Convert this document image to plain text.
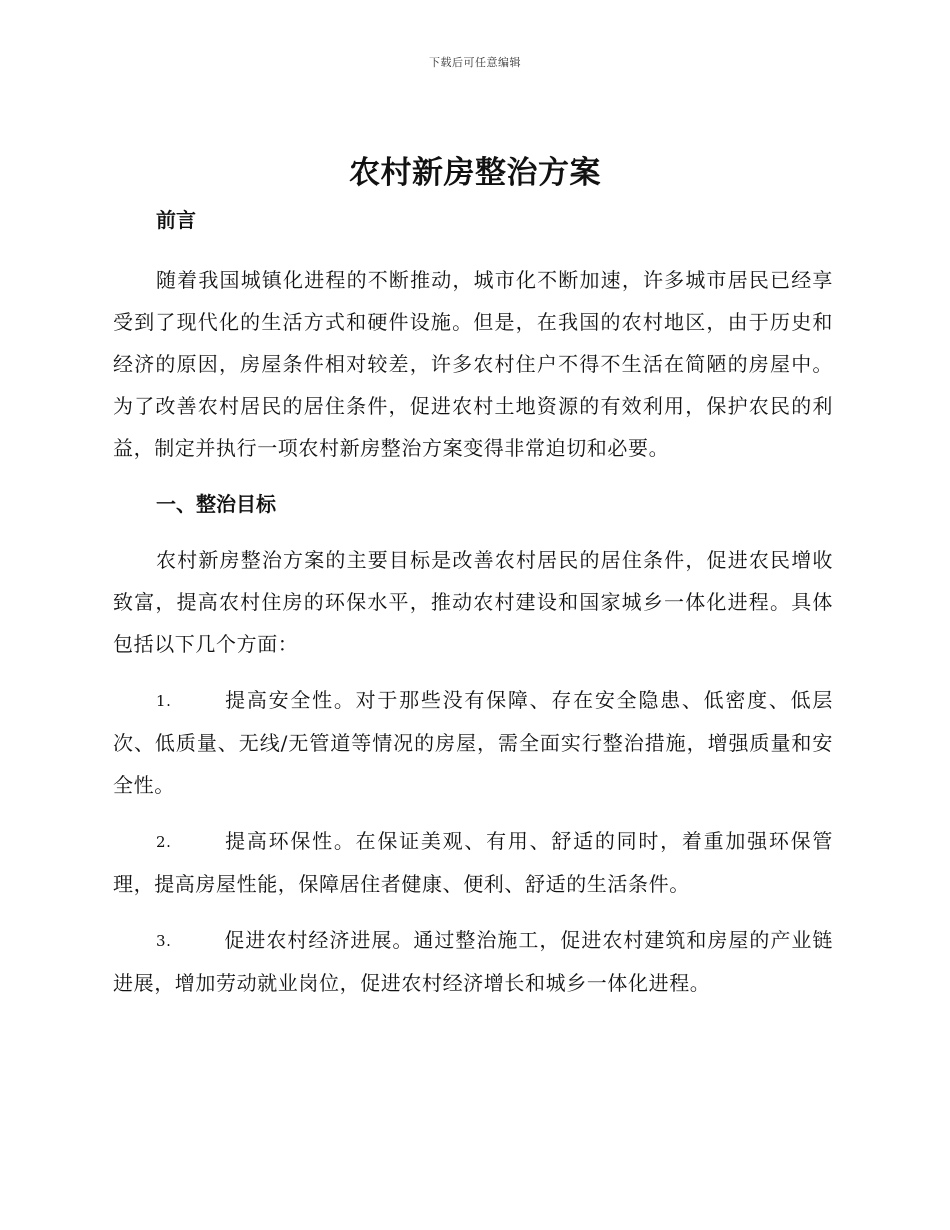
下载后可任意编辑
农村新房整治方案
前言

随着我国城镇化进程的不断推动，城市化不断加速，许多城市居民已经享受到了现代化的生活方式和硬件设施。但是，在我国的农村地区，由于历史和经济的原因，房屋条件相对较差，许多农村住户不得不生活在简陋的房屋中。为了改善农村居民的居住条件，促进农村土地资源的有效利用，保护农民的利益，制定并执行一项农村新房整治方案变得非常迫切和必要。

一、整治目标

农村新房整治方案的主要目标是改善农村居民的居住条件，促进农民增收致富，提高农村住房的环保水平，推动农村建设和国家城乡一体化进程。具体包括以下几个方面：

1.	提高安全性。对于那些没有保障、存在安全隐患、低密度、低层次、低质量、无线/无管道等情况的房屋，需全面实行整治措施，增强质量和安全性。

2.	提高环保性。在保证美观、有用、舒适的同时，着重加强环保管理，提高房屋性能，保障居住者健康、便利、舒适的生活条件。

3.	促进农村经济进展。通过整治施工，促进农村建筑和房屋的产业链进展，增加劳动就业岗位，促进农村经济增长和城乡一体化进程。
